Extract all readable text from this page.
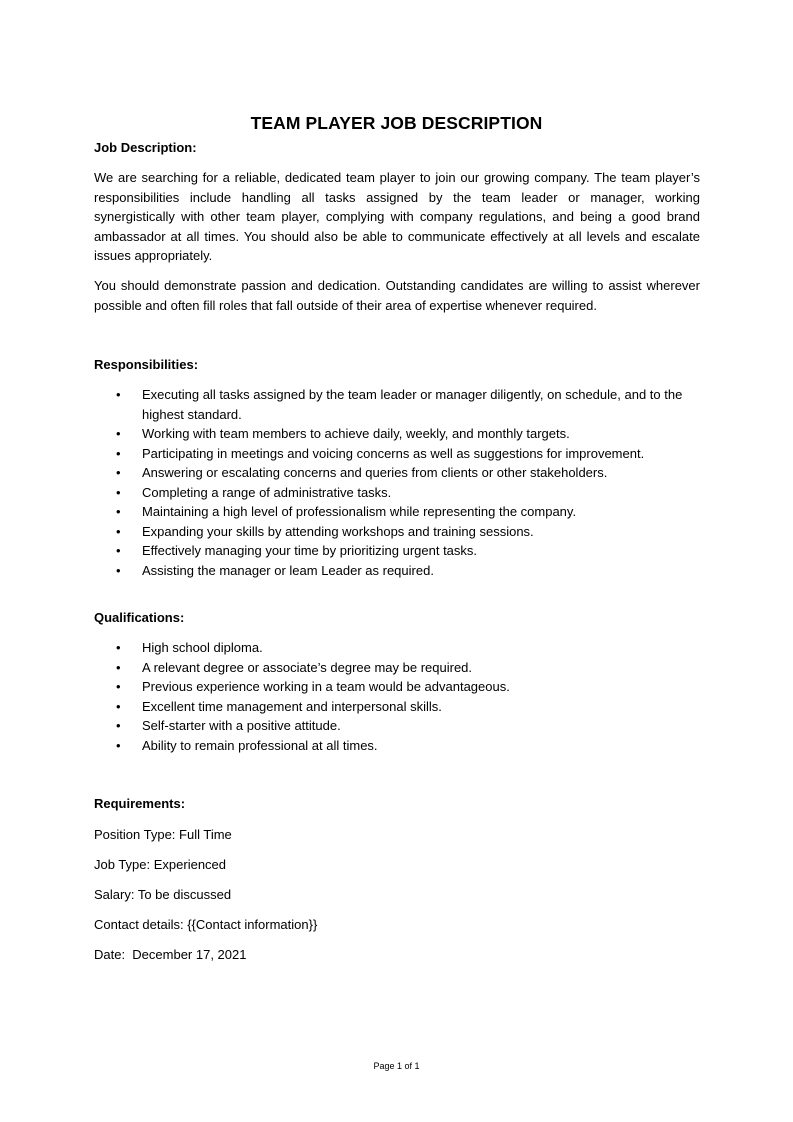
TEAM PLAYER JOB DESCRIPTION
Job Description:
We are searching for a reliable, dedicated team player to join our growing company. The team player’s responsibilities include handling all tasks assigned by the team leader or manager, working synergistically with other team player, complying with company regulations, and being a good brand ambassador at all times. You should also be able to communicate effectively at all levels and escalate issues appropriately.
You should demonstrate passion and dedication. Outstanding candidates are willing to assist wherever possible and often fill roles that fall outside of their area of expertise whenever required.
Responsibilities:
• Executing all tasks assigned by the team leader or manager diligently, on schedule, and to the highest standard.
• Working with team members to achieve daily, weekly, and monthly targets.
• Participating in meetings and voicing concerns as well as suggestions for improvement.
• Answering or escalating concerns and queries from clients or other stakeholders.
• Completing a range of administrative tasks.
• Maintaining a high level of professionalism while representing the company.
• Expanding your skills by attending workshops and training sessions.
• Effectively managing your time by prioritizing urgent tasks.
• Assisting the manager or leam Leader as required.
Qualifications:
• High school diploma.
• A relevant degree or associate’s degree may be required.
• Previous experience working in a team would be advantageous.
• Excellent time management and interpersonal skills.
• Self-starter with a positive attitude.
• Ability to remain professional at all times.
Requirements:
Position Type: Full Time
Job Type: Experienced
Salary: To be discussed
Contact details: {{Contact information}}
Date:  December 17, 2021
Page 1 of 1
